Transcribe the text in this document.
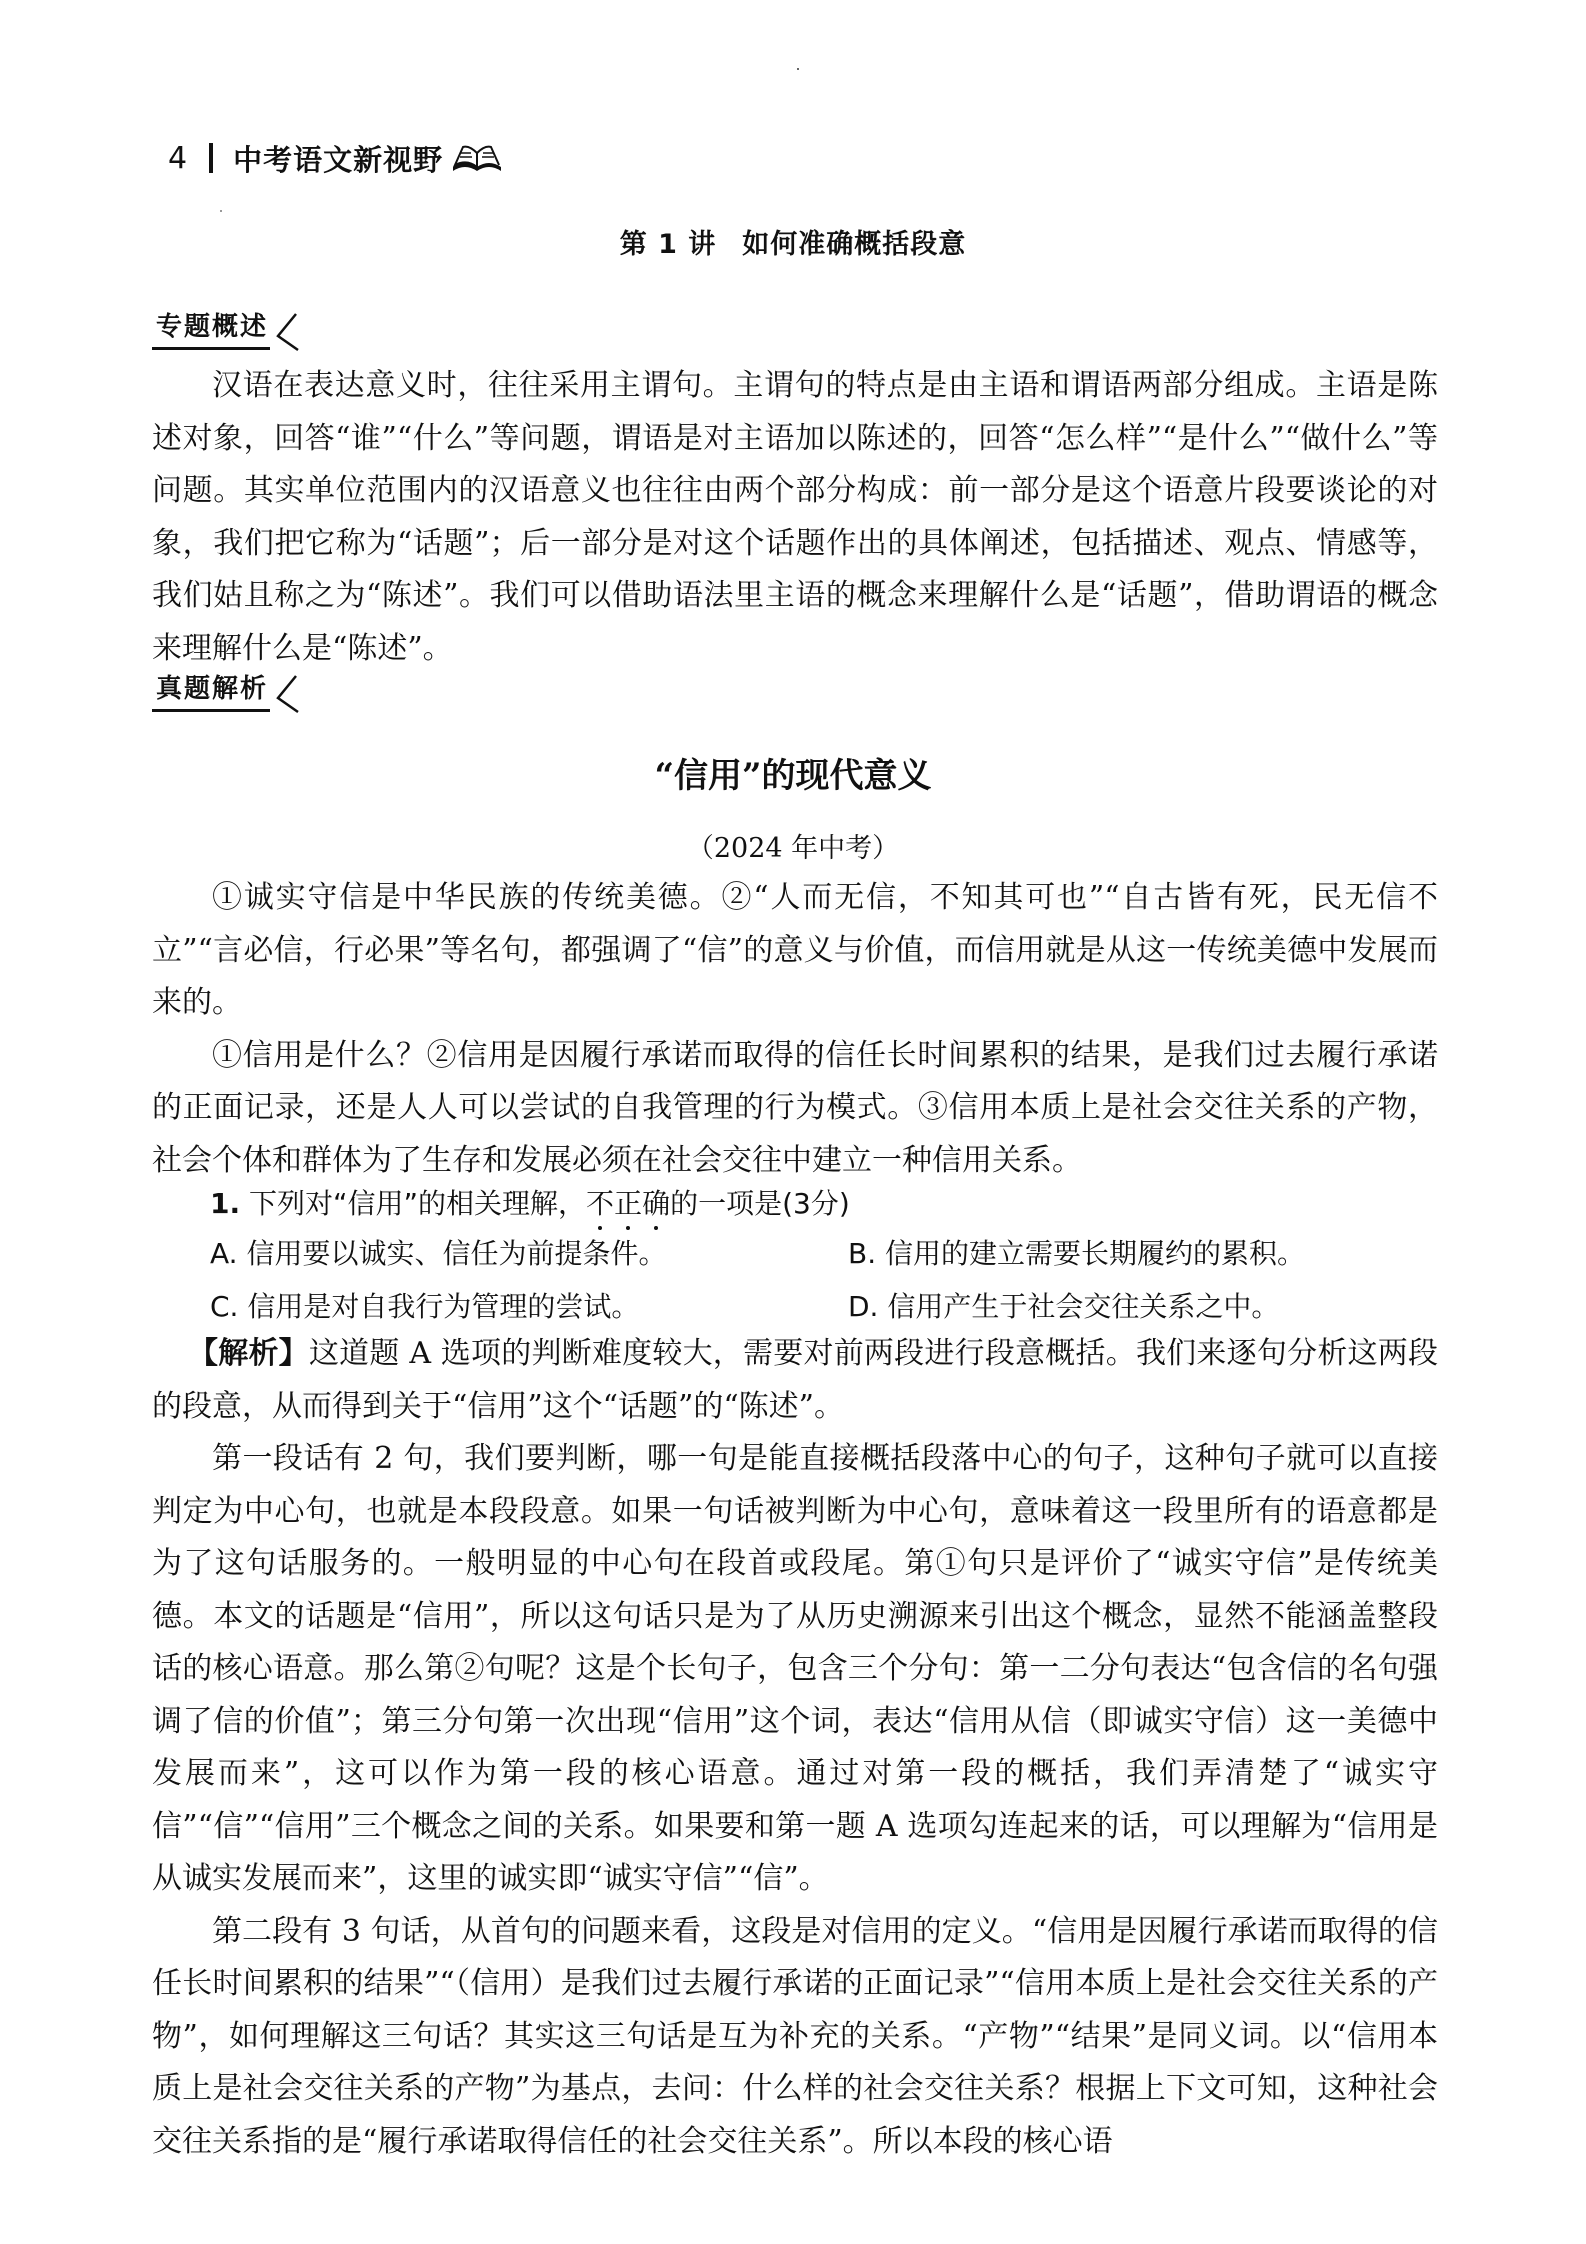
4 中考语文新视野
第 1 讲 如何准确概括段意
专题概述

汉语在表达意义时，往往采用主谓句。主谓句的特点是由主语和谓语两部分组成。主语是陈述对象，回答“谁”“什么”等问题，谓语是对主语加以陈述的，回答“怎么样”“是什么”“做什么”等问题。其实单位范围内的汉语意义也往往由两个部分构成：前一部分是这个语意片段要谈论的对象，我们把它称为“话题”；后一部分是对这个话题作出的具体阐述，包括描述、观点、情感等，我们姑且称之为“陈述”。我们可以借助语法里主语的概念来理解什么是“话题”，借助谓语的概念来理解什么是“陈述”。

真题解析
“信用”的现代意义
（2024 年中考）

①诚实守信是中华民族的传统美德。②“人而无信，不知其可也”“自古皆有死，民无信不立”“言必信，行必果”等名句，都强调了“信”的意义与价值，而信用就是从这一传统美德中发展而来的。

①信用是什么？②信用是因履行承诺而取得的信任长时间累积的结果，是我们过去履行承诺的正面记录，还是人人可以尝试的自我管理的行为模式。③信用本质上是社会交往关系的产物，社会个体和群体为了生存和发展必须在社会交往中建立一种信用关系。

1. 下列对“信用”的相关理解，不正确的一项是(3分)
A. 信用要以诚实、信任为前提条件。	B. 信用的建立需要长期履约的累积。
C. 信用是对自我行为管理的尝试。	D. 信用产生于社会交往关系之中。

【解析】这道题 A 选项的判断难度较大，需要对前两段进行段意概括。我们来逐句分析这两段的段意，从而得到关于“信用”这个“话题”的“陈述”。

第一段话有 2 句，我们要判断，哪一句是能直接概括段落中心的句子，这种句子就可以直接判定为中心句，也就是本段段意。如果一句话被判断为中心句，意味着这一段里所有的语意都是为了这句话服务的。一般明显的中心句在段首或段尾。第①句只是评价了“诚实守信”是传统美德。本文的话题是“信用”，所以这句话只是为了从历史溯源来引出这个概念，显然不能涵盖整段话的核心语意。那么第②句呢？这是个长句子，包含三个分句：第一二分句表达“包含信的名句强调了信的价值”；第三分句第一次出现“信用”这个词，表达“信用从信（即诚实守信）这一美德中发展而来”，这可以作为第一段的核心语意。通过对第一段的概括，我们弄清楚了“诚实守信”“信”“信用”三个概念之间的关系。如果要和第一题 A 选项勾连起来的话，可以理解为“信用是从诚实发展而来”，这里的诚实即“诚实守信”“信”。

第二段有 3 句话，从首句的问题来看，这段是对信用的定义。“信用是因履行承诺而取得的信任长时间累积的结果”“（信用）是我们过去履行承诺的正面记录”“信用本质上是社会交往关系的产物”，如何理解这三句话？其实这三句话是互为补充的关系。“产物”“结果”是同义词。以“信用本质上是社会交往关系的产物”为基点，去问：什么样的社会交往关系？根据上下文可知，这种社会交往关系指的是“履行承诺取得信任的社会交往关系”。所以本段的核心语
